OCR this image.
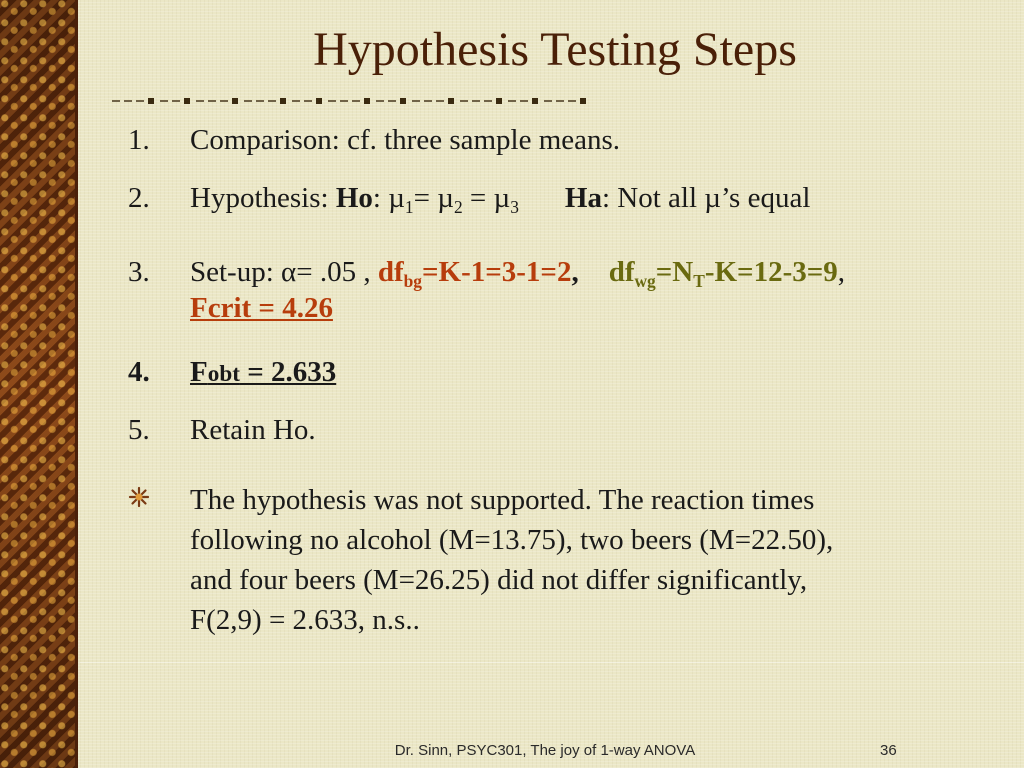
Hypothesis Testing Steps
1. Comparison: cf. three sample means.
2. Hypothesis: Ho: µ$_1$= µ$_2$ = µ$_3$ Ha: Not all µ’s equal
3. Set-up: α= .05 , $df_{bg}=K-1=3-1=2$, $df_{wg}=N_T-K=12-3=9$,
Fcrit = 4.26
4. Fobt = 2.633
5. Retain Ho.
The hypothesis was not supported. The reaction times
following no alcohol (M=13.75), two beers (M=22.50),
and four beers (M=26.25) did not differ significantly,
F(2,9) = 2.633, n.s..
Dr. Sinn, PSYC301, The joy of 1-way ANOVA	36
